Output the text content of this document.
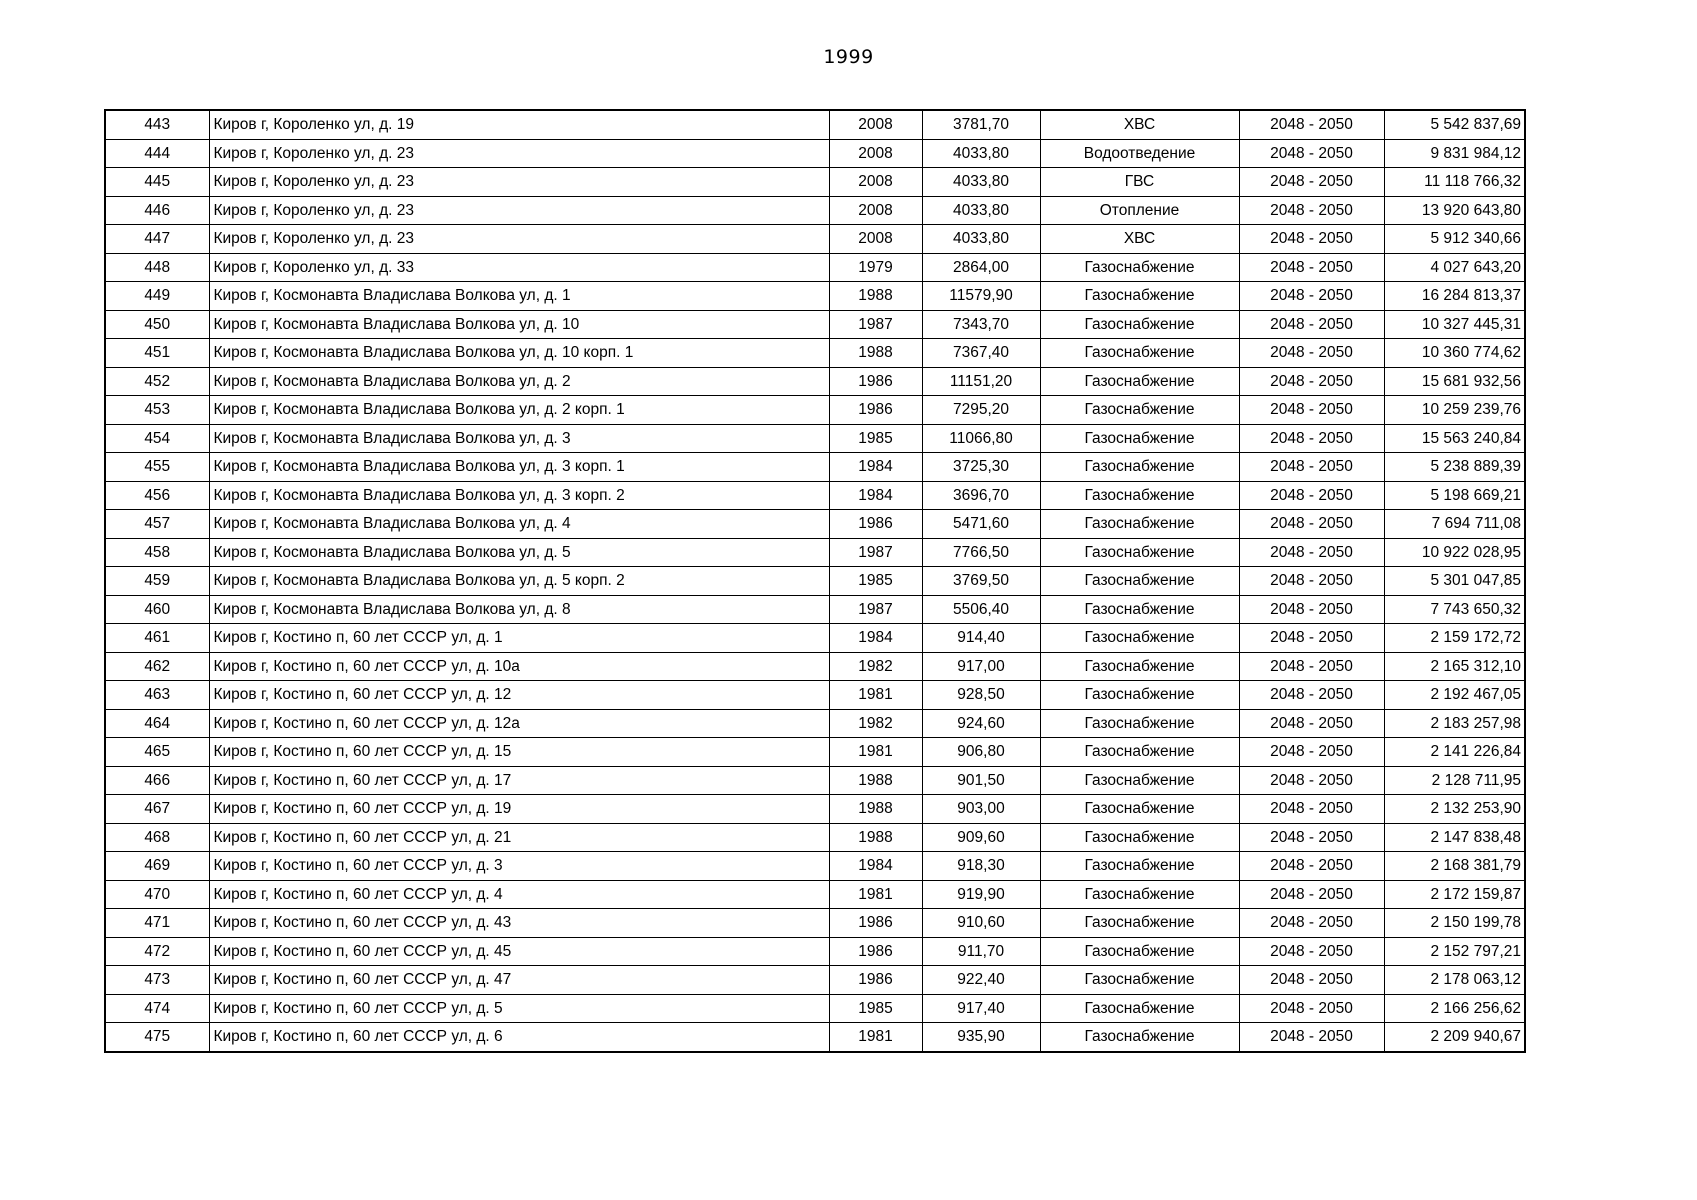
1999
443	Киров г, Короленко ул, д. 19	2008	3781,70	ХВС	2048 - 2050	5 542 837,69
444	Киров г, Короленко ул, д. 23	2008	4033,80	Водоотведение	2048 - 2050	9 831 984,12
445	Киров г, Короленко ул, д. 23	2008	4033,80	ГВС	2048 - 2050	11 118 766,32
446	Киров г, Короленко ул, д. 23	2008	4033,80	Отопление	2048 - 2050	13 920 643,80
447	Киров г, Короленко ул, д. 23	2008	4033,80	ХВС	2048 - 2050	5 912 340,66
448	Киров г, Короленко ул, д. 33	1979	2864,00	Газоснабжение	2048 - 2050	4 027 643,20
449	Киров г, Космонавта Владислава Волкова ул, д. 1	1988	11579,90	Газоснабжение	2048 - 2050	16 284 813,37
450	Киров г, Космонавта Владислава Волкова ул, д. 10	1987	7343,70	Газоснабжение	2048 - 2050	10 327 445,31
451	Киров г, Космонавта Владислава Волкова ул, д. 10 корп. 1	1988	7367,40	Газоснабжение	2048 - 2050	10 360 774,62
452	Киров г, Космонавта Владислава Волкова ул, д. 2	1986	11151,20	Газоснабжение	2048 - 2050	15 681 932,56
453	Киров г, Космонавта Владислава Волкова ул, д. 2 корп. 1	1986	7295,20	Газоснабжение	2048 - 2050	10 259 239,76
454	Киров г, Космонавта Владислава Волкова ул, д. 3	1985	11066,80	Газоснабжение	2048 - 2050	15 563 240,84
455	Киров г, Космонавта Владислава Волкова ул, д. 3 корп. 1	1984	3725,30	Газоснабжение	2048 - 2050	5 238 889,39
456	Киров г, Космонавта Владислава Волкова ул, д. 3 корп. 2	1984	3696,70	Газоснабжение	2048 - 2050	5 198 669,21
457	Киров г, Космонавта Владислава Волкова ул, д. 4	1986	5471,60	Газоснабжение	2048 - 2050	7 694 711,08
458	Киров г, Космонавта Владислава Волкова ул, д. 5	1987	7766,50	Газоснабжение	2048 - 2050	10 922 028,95
459	Киров г, Космонавта Владислава Волкова ул, д. 5 корп. 2	1985	3769,50	Газоснабжение	2048 - 2050	5 301 047,85
460	Киров г, Космонавта Владислава Волкова ул, д. 8	1987	5506,40	Газоснабжение	2048 - 2050	7 743 650,32
461	Киров г, Костино п, 60 лет СССР ул, д. 1	1984	914,40	Газоснабжение	2048 - 2050	2 159 172,72
462	Киров г, Костино п, 60 лет СССР ул, д. 10а	1982	917,00	Газоснабжение	2048 - 2050	2 165 312,10
463	Киров г, Костино п, 60 лет СССР ул, д. 12	1981	928,50	Газоснабжение	2048 - 2050	2 192 467,05
464	Киров г, Костино п, 60 лет СССР ул, д. 12а	1982	924,60	Газоснабжение	2048 - 2050	2 183 257,98
465	Киров г, Костино п, 60 лет СССР ул, д. 15	1981	906,80	Газоснабжение	2048 - 2050	2 141 226,84
466	Киров г, Костино п, 60 лет СССР ул, д. 17	1988	901,50	Газоснабжение	2048 - 2050	2 128 711,95
467	Киров г, Костино п, 60 лет СССР ул, д. 19	1988	903,00	Газоснабжение	2048 - 2050	2 132 253,90
468	Киров г, Костино п, 60 лет СССР ул, д. 21	1988	909,60	Газоснабжение	2048 - 2050	2 147 838,48
469	Киров г, Костино п, 60 лет СССР ул, д. 3	1984	918,30	Газоснабжение	2048 - 2050	2 168 381,79
470	Киров г, Костино п, 60 лет СССР ул, д. 4	1981	919,90	Газоснабжение	2048 - 2050	2 172 159,87
471	Киров г, Костино п, 60 лет СССР ул, д. 43	1986	910,60	Газоснабжение	2048 - 2050	2 150 199,78
472	Киров г, Костино п, 60 лет СССР ул, д. 45	1986	911,70	Газоснабжение	2048 - 2050	2 152 797,21
473	Киров г, Костино п, 60 лет СССР ул, д. 47	1986	922,40	Газоснабжение	2048 - 2050	2 178 063,12
474	Киров г, Костино п, 60 лет СССР ул, д. 5	1985	917,40	Газоснабжение	2048 - 2050	2 166 256,62
475	Киров г, Костино п, 60 лет СССР ул, д. 6	1981	935,90	Газоснабжение	2048 - 2050	2 209 940,67
